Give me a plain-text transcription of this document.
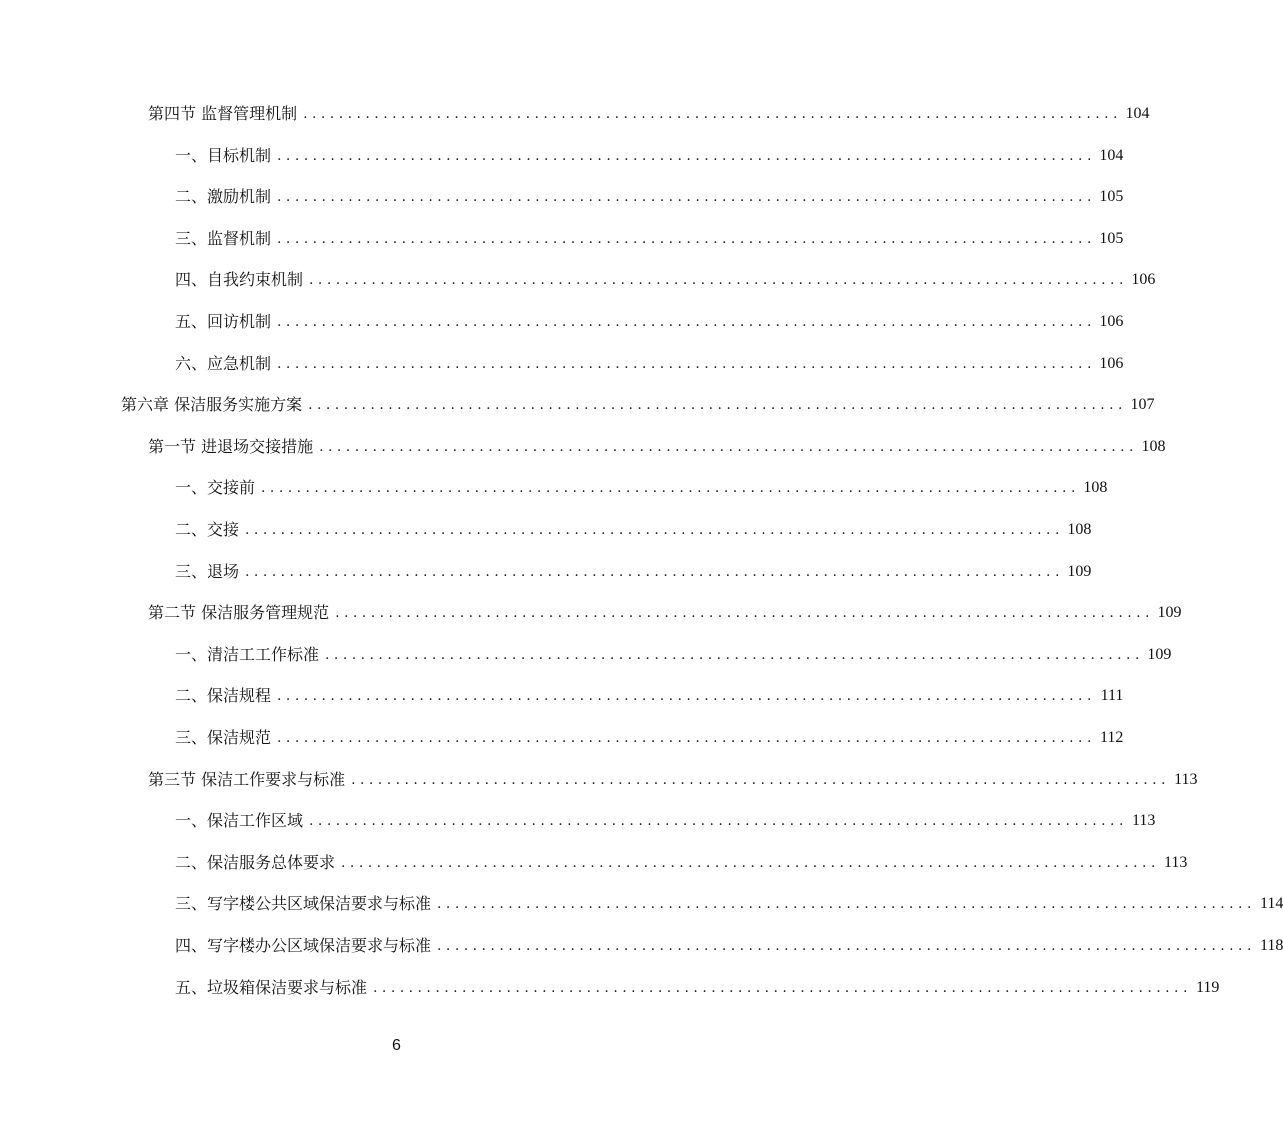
第四节 监督管理机制 . . .	104
一、目标机制 . . .	104
二、激励机制 . . .	105
三、监督机制 . . .	105
四、自我约束机制 . . .	106
五、回访机制 . . .	106
六、应急机制 . . .	106
第六章 保洁服务实施方案 . . .	107
第一节 进退场交接措施 . . .	108
一、交接前 . . .	108
二、交接 . . .	108
三、退场 . . .	109
第二节 保洁服务管理规范 . . .	109
一、清洁工工作标准 . . .	109
二、保洁规程 . . .	111
三、保洁规范 . . .	112
第三节 保洁工作要求与标准 . . .	113
一、保洁工作区域 . . .	113
二、保洁服务总体要求 . . .	113
三、写字楼公共区域保洁要求与标准 . . .	114
四、写字楼办公区域保洁要求与标准 . . .	118
五、垃圾箱保洁要求与标准 . . .	119
6
